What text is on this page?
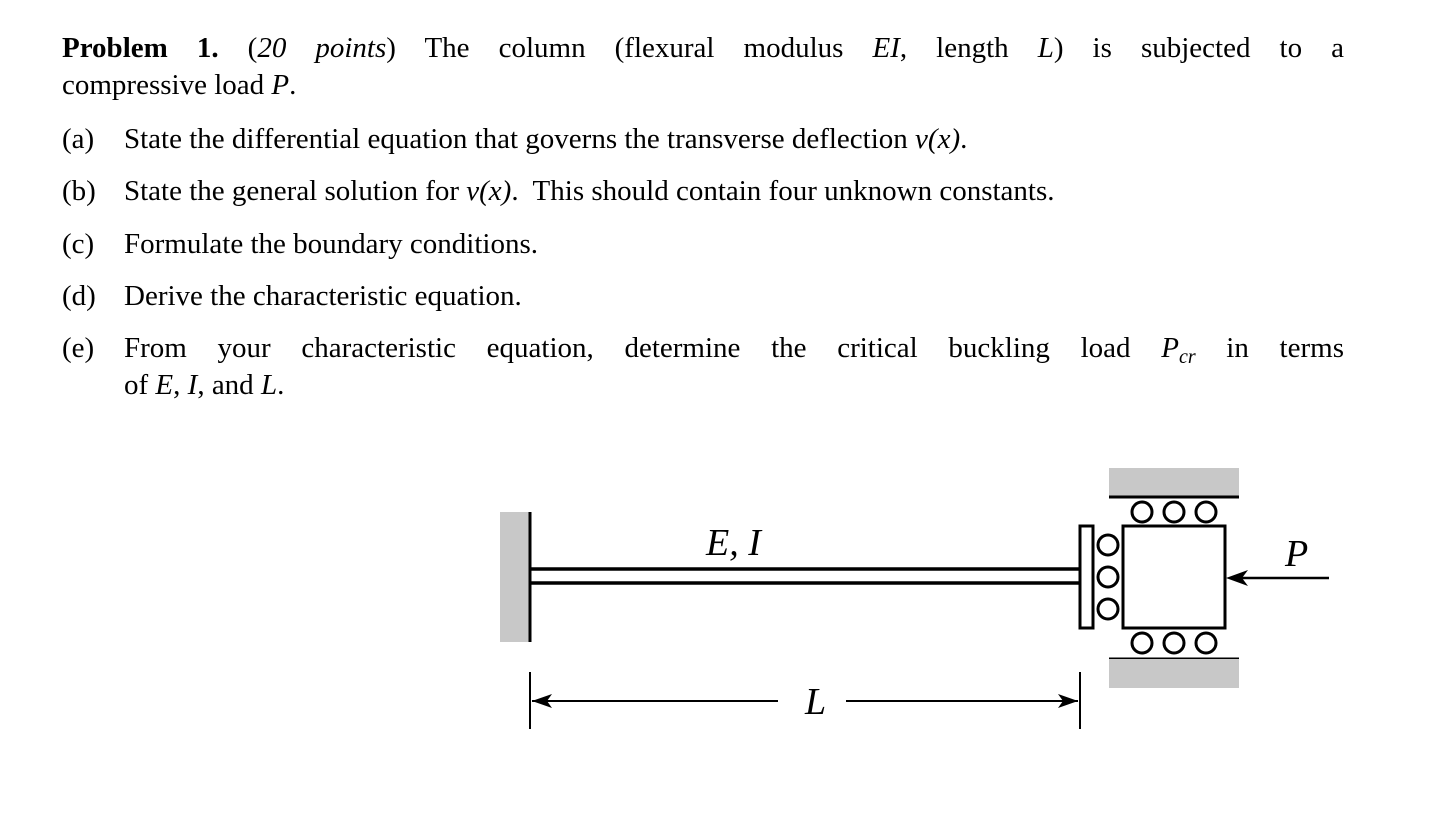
Problem 1. (20 points) The column (flexural modulus EI, length L) is subjected to a
compressive load P.
(a) State the differential equation that governs the transverse deflection v(x).
(b) State the general solution for v(x).  This should contain four unknown constants.
(c) Formulate the boundary conditions.
(d) Derive the characteristic equation.
(e) From your characteristic equation, determine the critical buckling load $P_{cr}$ in terms
of E, I, and L.
E, I	P
L
